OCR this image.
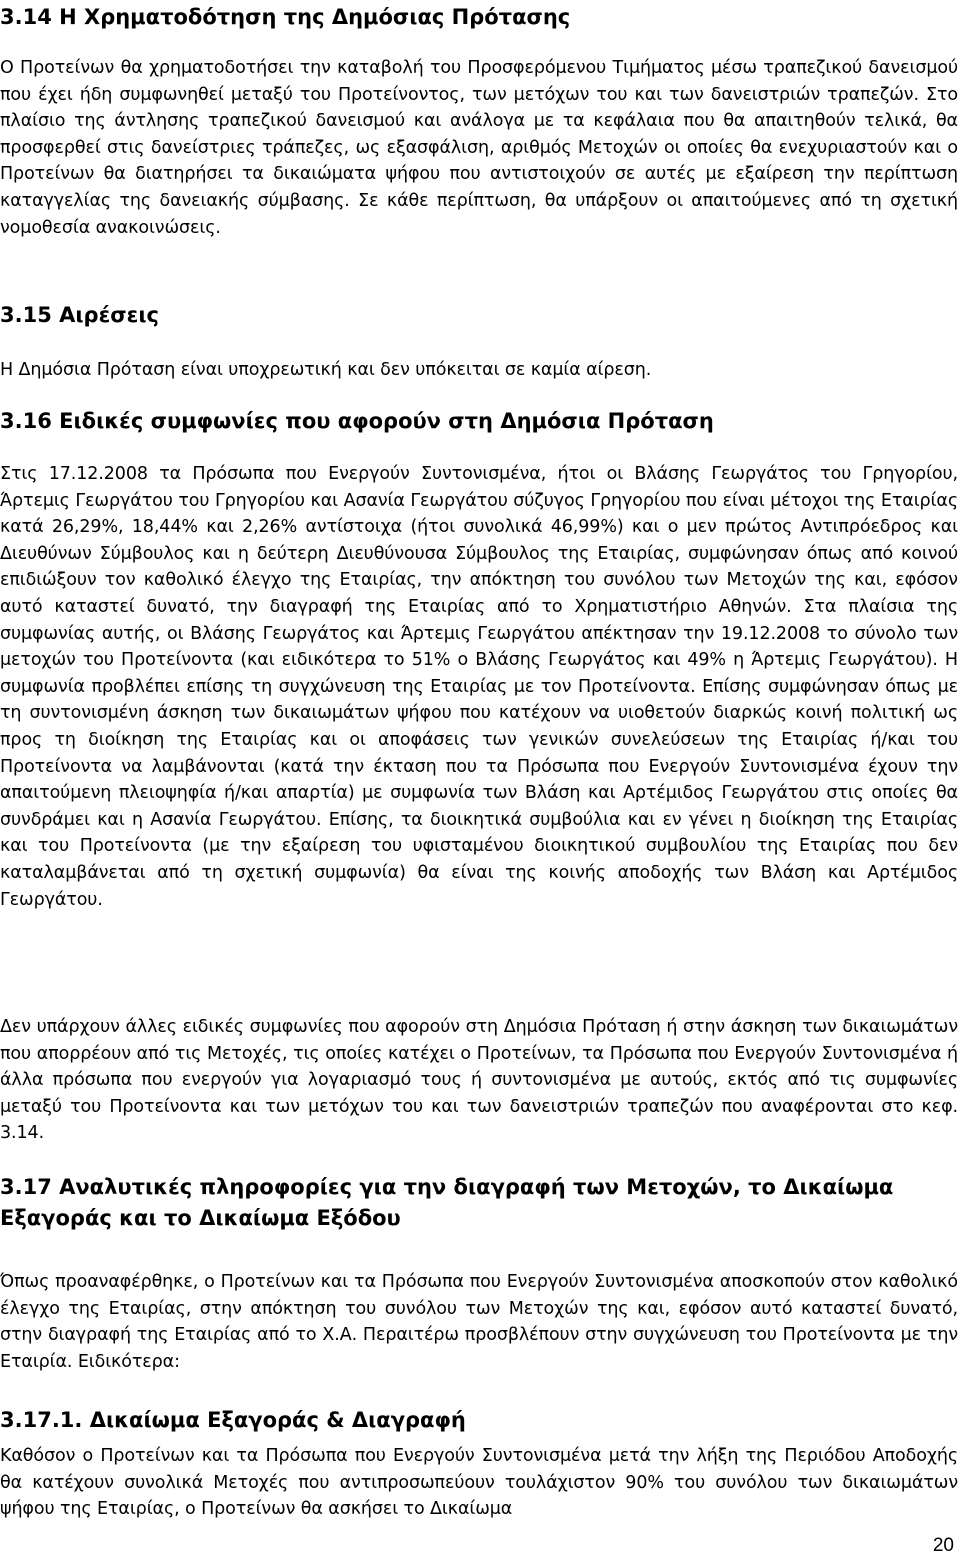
3.14 Η Χρηματοδότηση της Δημόσιας Πρότασης

Ο Προτείνων θα χρηματοδοτήσει την καταβολή του Προσφερόμενου Τιμήματος μέσω τραπεζικού δανεισμού που έχει ήδη συμφωνηθεί μεταξύ του Προτείνοντος, των μετόχων του και των δανειστριών τραπεζών. Στο πλαίσιο της άντλησης τραπεζικού δανεισμού και ανάλογα με τα κεφάλαια που θα απαιτηθούν τελικά, θα προσφερθεί στις δανείστριες τράπεζες, ως εξασφάλιση, αριθμός Μετοχών οι οποίες θα ενεχυριαστούν και ο Προτείνων θα διατηρήσει τα δικαιώματα ψήφου που αντιστοιχούν σε αυτές με εξαίρεση την περίπτωση καταγγελίας της δανειακής σύμβασης. Σε κάθε περίπτωση, θα υπάρξουν οι απαιτούμενες από τη σχετική νομοθεσία ανακοινώσεις.

3.15 Αιρέσεις

Η Δημόσια Πρόταση είναι υποχρεωτική και δεν υπόκειται σε καμία αίρεση.

3.16 Ειδικές συμφωνίες που αφορούν στη Δημόσια Πρόταση

Στις 17.12.2008 τα Πρόσωπα που Ενεργούν Συντονισμένα, ήτοι οι Βλάσης Γεωργάτος του Γρηγορίου, Άρτεμις Γεωργάτου του Γρηγορίου και Ασανία Γεωργάτου σύζυγος Γρηγορίου που είναι μέτοχοι της Εταιρίας κατά 26,29%, 18,44% και 2,26% αντίστοιχα (ήτοι συνολικά 46,99%) και ο μεν πρώτος Αντιπρόεδρος και Διευθύνων Σύμβουλος και η δεύτερη Διευθύνουσα Σύμβουλος της Εταιρίας, συμφώνησαν όπως από κοινού επιδιώξουν τον καθολικό έλεγχο της Εταιρίας, την απόκτηση του συνόλου των Μετοχών της και, εφόσον αυτό καταστεί δυνατό, την διαγραφή της Εταιρίας από το Χρηματιστήριο Αθηνών. Στα πλαίσια της συμφωνίας αυτής, οι Βλάσης Γεωργάτος και Άρτεμις Γεωργάτου απέκτησαν την 19.12.2008 το σύνολο των μετοχών του Προτείνοντα (και ειδικότερα το 51% ο Βλάσης Γεωργάτος και 49% η Άρτεμις Γεωργάτου). Η συμφωνία προβλέπει επίσης τη συγχώνευση της Εταιρίας με τον Προτείνοντα. Επίσης συμφώνησαν όπως με τη συντονισμένη άσκηση των δικαιωμάτων ψήφου που κατέχουν να υιοθετούν διαρκώς κοινή πολιτική ως προς τη διοίκηση της Εταιρίας και οι αποφάσεις των γενικών συνελεύσεων της Εταιρίας ή/και του Προτείνοντα να λαμβάνονται (κατά την έκταση που τα Πρόσωπα που Ενεργούν Συντονισμένα έχουν την απαιτούμενη πλειοψηφία ή/και απαρτία) με συμφωνία των Βλάση και Αρτέμιδος Γεωργάτου στις οποίες θα συνδράμει και η Ασανία Γεωργάτου. Επίσης, τα διοικητικά συμβούλια και εν γένει η διοίκηση της Εταιρίας και του Προτείνοντα (με την εξαίρεση του υφισταμένου διοικητικού συμβουλίου της Εταιρίας που δεν καταλαμβάνεται από τη σχετική συμφωνία) θα είναι της κοινής αποδοχής των Βλάση και Αρτέμιδος Γεωργάτου.

Δεν υπάρχουν άλλες ειδικές συμφωνίες που αφορούν στη Δημόσια Πρόταση ή στην άσκηση των δικαιωμάτων που απορρέουν από τις Μετοχές, τις οποίες κατέχει ο Προτείνων, τα Πρόσωπα που Ενεργούν Συντονισμένα ή άλλα πρόσωπα που ενεργούν για λογαριασμό τους ή συντονισμένα με αυτούς, εκτός από τις συμφωνίες μεταξύ του Προτείνοντα και των μετόχων του και των δανειστριών τραπεζών που αναφέρονται στο κεφ. 3.14.

3.17 Αναλυτικές πληροφορίες για την διαγραφή των Μετοχών, το Δικαίωμα Εξαγοράς και το Δικαίωμα Εξόδου

Όπως προαναφέρθηκε, ο Προτείνων και τα Πρόσωπα που Ενεργούν Συντονισμένα αποσκοπούν στον καθολικό έλεγχο της Εταιρίας, στην απόκτηση του συνόλου των Μετοχών της και, εφόσον αυτό καταστεί δυνατό, στην διαγραφή της Εταιρίας από το Χ.Α. Περαιτέρω προσβλέπουν στην συγχώνευση του Προτείνοντα με την Εταιρία. Ειδικότερα:

3.17.1. Δικαίωμα Εξαγοράς & Διαγραφή

Καθόσον ο Προτείνων και τα Πρόσωπα που Ενεργούν Συντονισμένα μετά την λήξη της Περιόδου Αποδοχής θα κατέχουν συνολικά Μετοχές που αντιπροσωπεύουν τουλάχιστον 90% του συνόλου των δικαιωμάτων ψήφου της Εταιρίας, ο Προτείνων θα ασκήσει το Δικαίωμα

20
